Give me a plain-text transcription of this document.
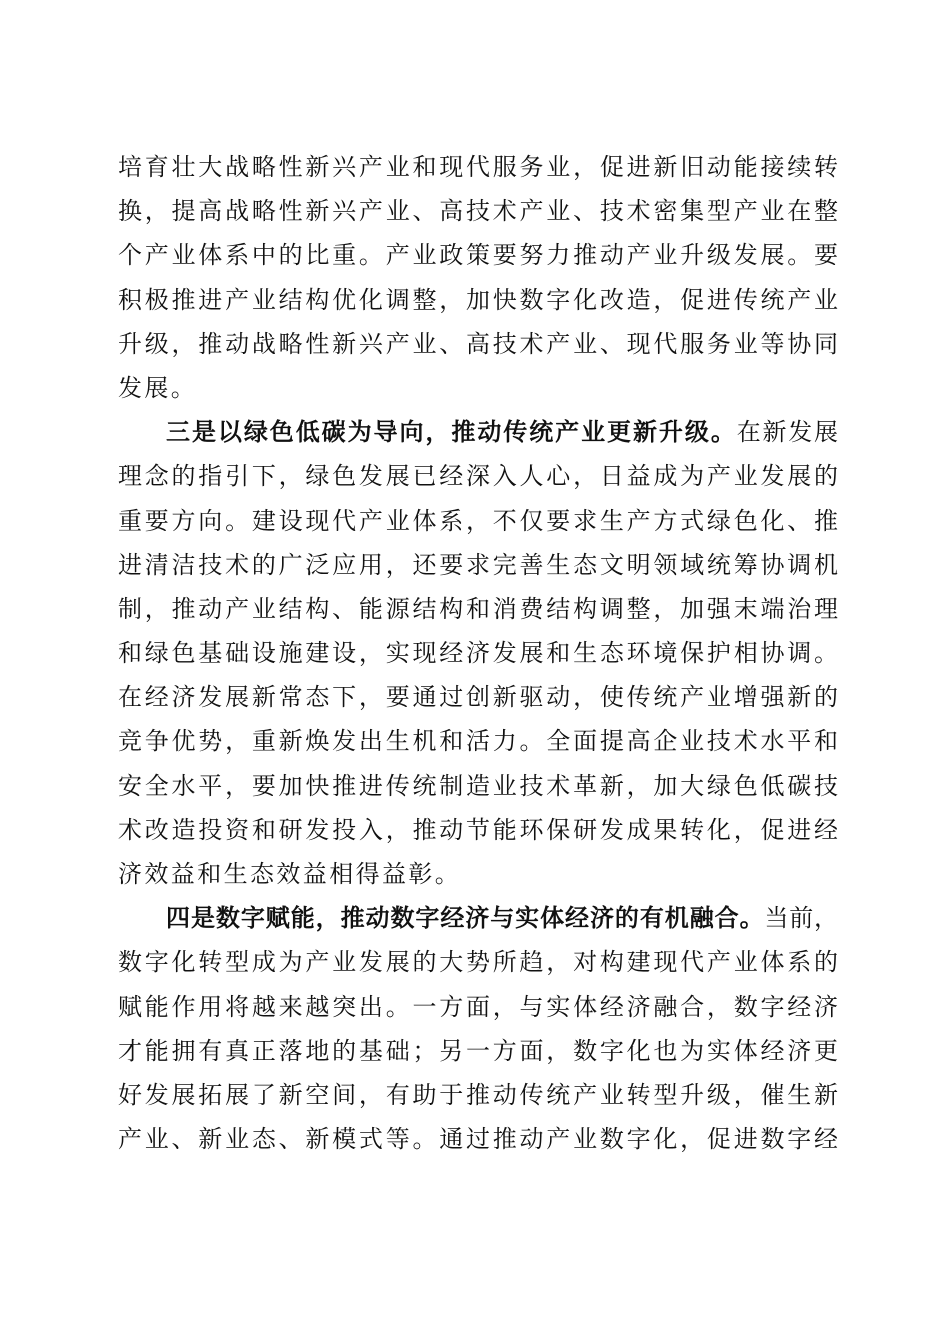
培育壮大战略性新兴产业和现代服务业，促进新旧动能接续转
换，提高战略性新兴产业、高技术产业、技术密集型产业在整
个产业体系中的比重。产业政策要努力推动产业升级发展。要
积极推进产业结构优化调整，加快数字化改造，促进传统产业
升级，推动战略性新兴产业、高技术产业、现代服务业等协同
发展。
三是以绿色低碳为导向，推动传统产业更新升级。在新发展
理念的指引下，绿色发展已经深入人心，日益成为产业发展的
重要方向。建设现代产业体系，不仅要求生产方式绿色化、推
进清洁技术的广泛应用，还要求完善生态文明领域统筹协调机
制，推动产业结构、能源结构和消费结构调整，加强末端治理
和绿色基础设施建设，实现经济发展和生态环境保护相协调。
在经济发展新常态下，要通过创新驱动，使传统产业增强新的
竞争优势，重新焕发出生机和活力。全面提高企业技术水平和
安全水平，要加快推进传统制造业技术革新，加大绿色低碳技
术改造投资和研发投入，推动节能环保研发成果转化，促进经
济效益和生态效益相得益彰。
四是数字赋能，推动数字经济与实体经济的有机融合。当前，
数字化转型成为产业发展的大势所趋，对构建现代产业体系的
赋能作用将越来越突出。一方面，与实体经济融合，数字经济
才能拥有真正落地的基础；另一方面，数字化也为实体经济更
好发展拓展了新空间，有助于推动传统产业转型升级，催生新
产业、新业态、新模式等。通过推动产业数字化，促进数字经
